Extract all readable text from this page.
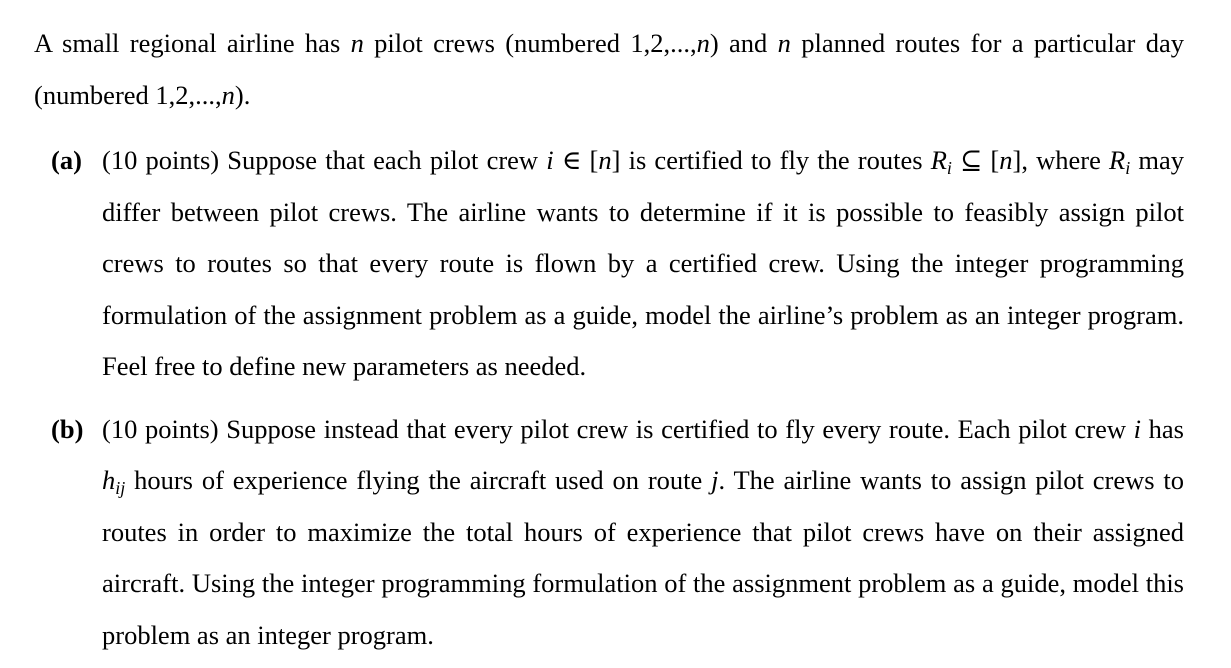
A small regional airline has n pilot crews (numbered 1,2,...,n) and n planned routes for a particular day (numbered 1,2,...,n).

(a) (10 points) Suppose that each pilot crew i ∈ [n] is certified to fly the routes $R_i$ ⊆ [n], where $R_i$ may differ between pilot crews. The airline wants to determine if it is possible to feasibly assign pilot crews to routes so that every route is flown by a certified crew. Using the integer programming formulation of the assignment problem as a guide, model the airline’s problem as an integer program. Feel free to define new parameters as needed.
(b) (10 points) Suppose instead that every pilot crew is certified to fly every route. Each pilot crew i has $h_{ij}$ hours of experience flying the aircraft used on route j. The airline wants to assign pilot crews to routes in order to maximize the total hours of experience that pilot crews have on their assigned aircraft. Using the integer programming formulation of the assignment problem as a guide, model this problem as an integer program.
